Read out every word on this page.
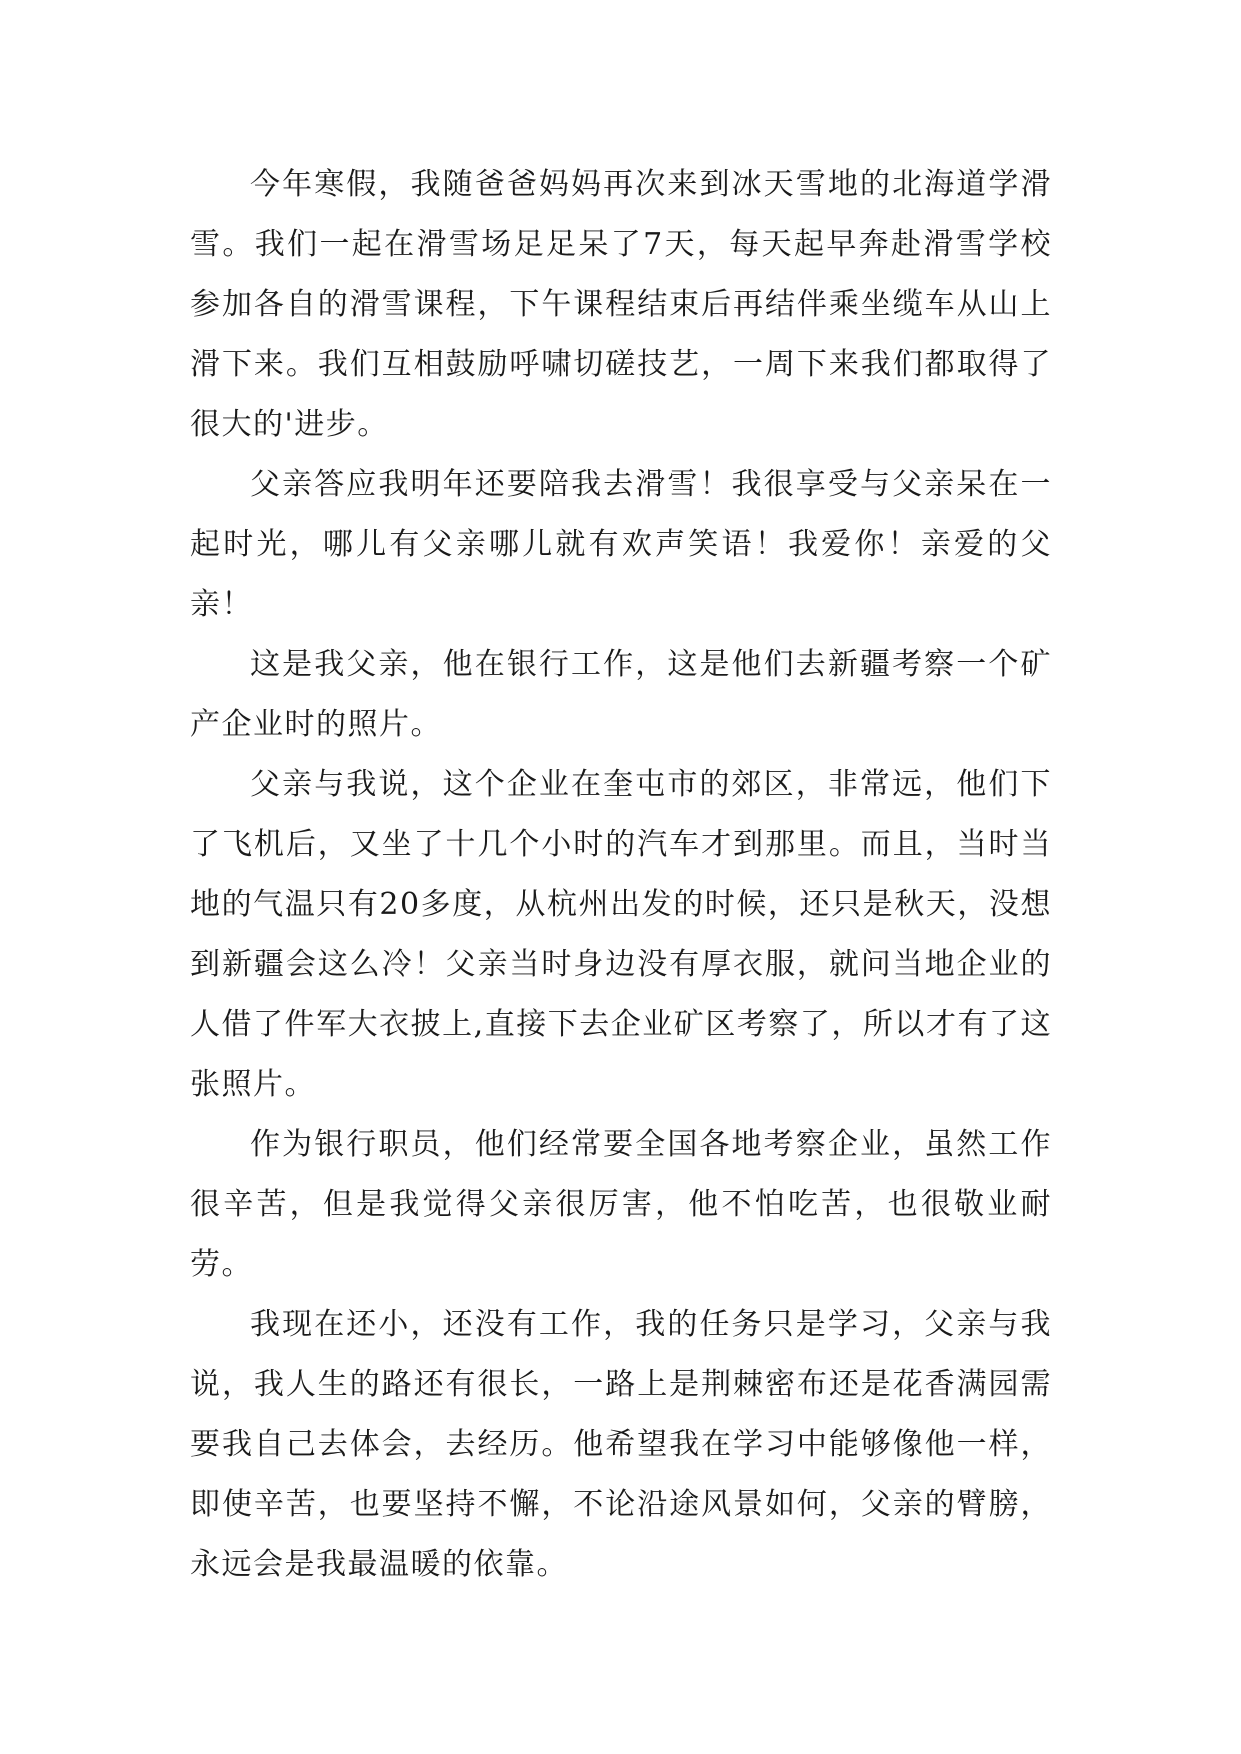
今年寒假，我随爸爸妈妈再次来到冰天雪地的北海道学滑雪。我们一起在滑雪场足足呆了7天，每天起早奔赴滑雪学校参加各自的滑雪课程，下午课程结束后再结伴乘坐缆车从山上滑下来。我们互相鼓励呼啸切磋技艺，一周下来我们都取得了很大的'进步。

父亲答应我明年还要陪我去滑雪！我很享受与父亲呆在一起时光，哪儿有父亲哪儿就有欢声笑语！我爱你！亲爱的父亲！

这是我父亲，他在银行工作，这是他们去新疆考察一个矿产企业时的照片。

父亲与我说，这个企业在奎屯市的郊区，非常远，他们下了飞机后，又坐了十几个小时的汽车才到那里。而且，当时当地的气温只有20多度，从杭州出发的时候，还只是秋天，没想到新疆会这么冷！父亲当时身边没有厚衣服，就问当地企业的人借了件军大衣披上,直接下去企业矿区考察了，所以才有了这张照片。

作为银行职员，他们经常要全国各地考察企业，虽然工作很辛苦，但是我觉得父亲很厉害，他不怕吃苦，也很敬业耐劳。

我现在还小，还没有工作，我的任务只是学习，父亲与我说，我人生的路还有很长，一路上是荆棘密布还是花香满园需要我自己去体会，去经历。他希望我在学习中能够像他一样，即使辛苦，也要坚持不懈，不论沿途风景如何，父亲的臂膀，永远会是我最温暖的依靠。
